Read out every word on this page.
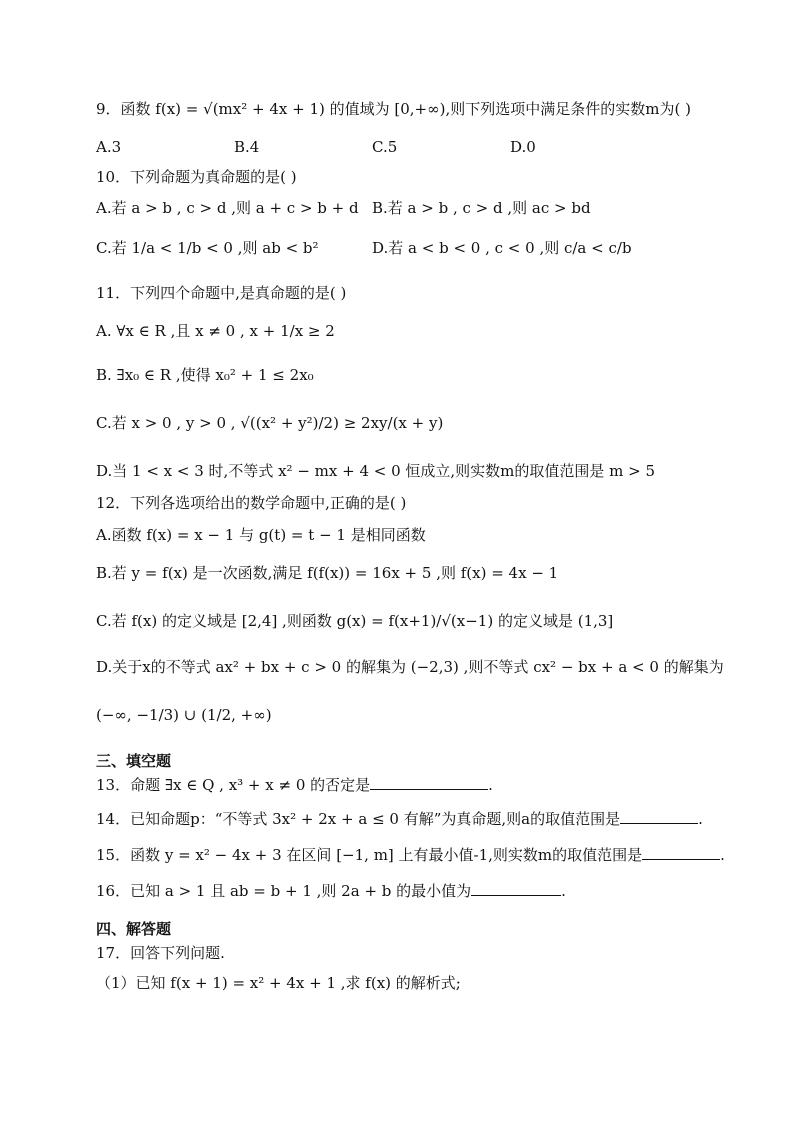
9．函数 f(x) = √(mx² + 4x + 1) 的值域为 [0,+∞),则下列选项中满足条件的实数m为( )
A.3	B.4	C.5	D.0
10．下列命题为真命题的是( )
A.若 a > b , c > d ,则 a + c > b + d B.若 a > b , c > d ,则 ac > bd
C.若 1/a < 1/b < 0 ,则 ab < b²	D.若 a < b < 0 , c < 0 ,则 c/a < c/b
11．下列四个命题中,是真命题的是( )
A. ∀x ∈ R ,且 x ≠ 0 , x + 1/x ≥ 2
B. ∃x₀ ∈ R ,使得 x₀² + 1 ≤ 2x₀
C.若 x > 0 , y > 0 , √((x² + y²)/2) ≥ 2xy/(x + y)
D.当 1 < x < 3 时,不等式 x² − mx + 4 < 0 恒成立,则实数m的取值范围是 m > 5
12．下列各选项给出的数学命题中,正确的是( )
A.函数 f(x) = x − 1 与 g(t) = t − 1 是相同函数
B.若 y = f(x) 是一次函数,满足 f(f(x)) = 16x + 5 ,则 f(x) = 4x − 1
C.若 f(x) 的定义域是 [2,4] ,则函数 g(x) = f(x+1)/√(x−1) 的定义域是 (1,3]
D.关于x的不等式 ax² + bx + c > 0 的解集为 (−2,3) ,则不等式 cx² − bx + a < 0 的解集为
(−∞, −1/3) ∪ (1/2, +∞)
三、填空题
13．命题 ∃x ∈ Q , x³ + x ≠ 0 的否定是	.
14．已知命题p：“不等式 3x² + 2x + a ≤ 0 有解”为真命题,则a的取值范围是	.
15．函数 y = x² − 4x + 3 在区间 [−1, m] 上有最小值-1,则实数m的取值范围是	.
16．已知 a > 1 且 ab = b + 1 ,则 2a + b 的最小值为	.
四、解答题
17．回答下列问题.
（1）已知 f(x + 1) = x² + 4x + 1 ,求 f(x) 的解析式;
